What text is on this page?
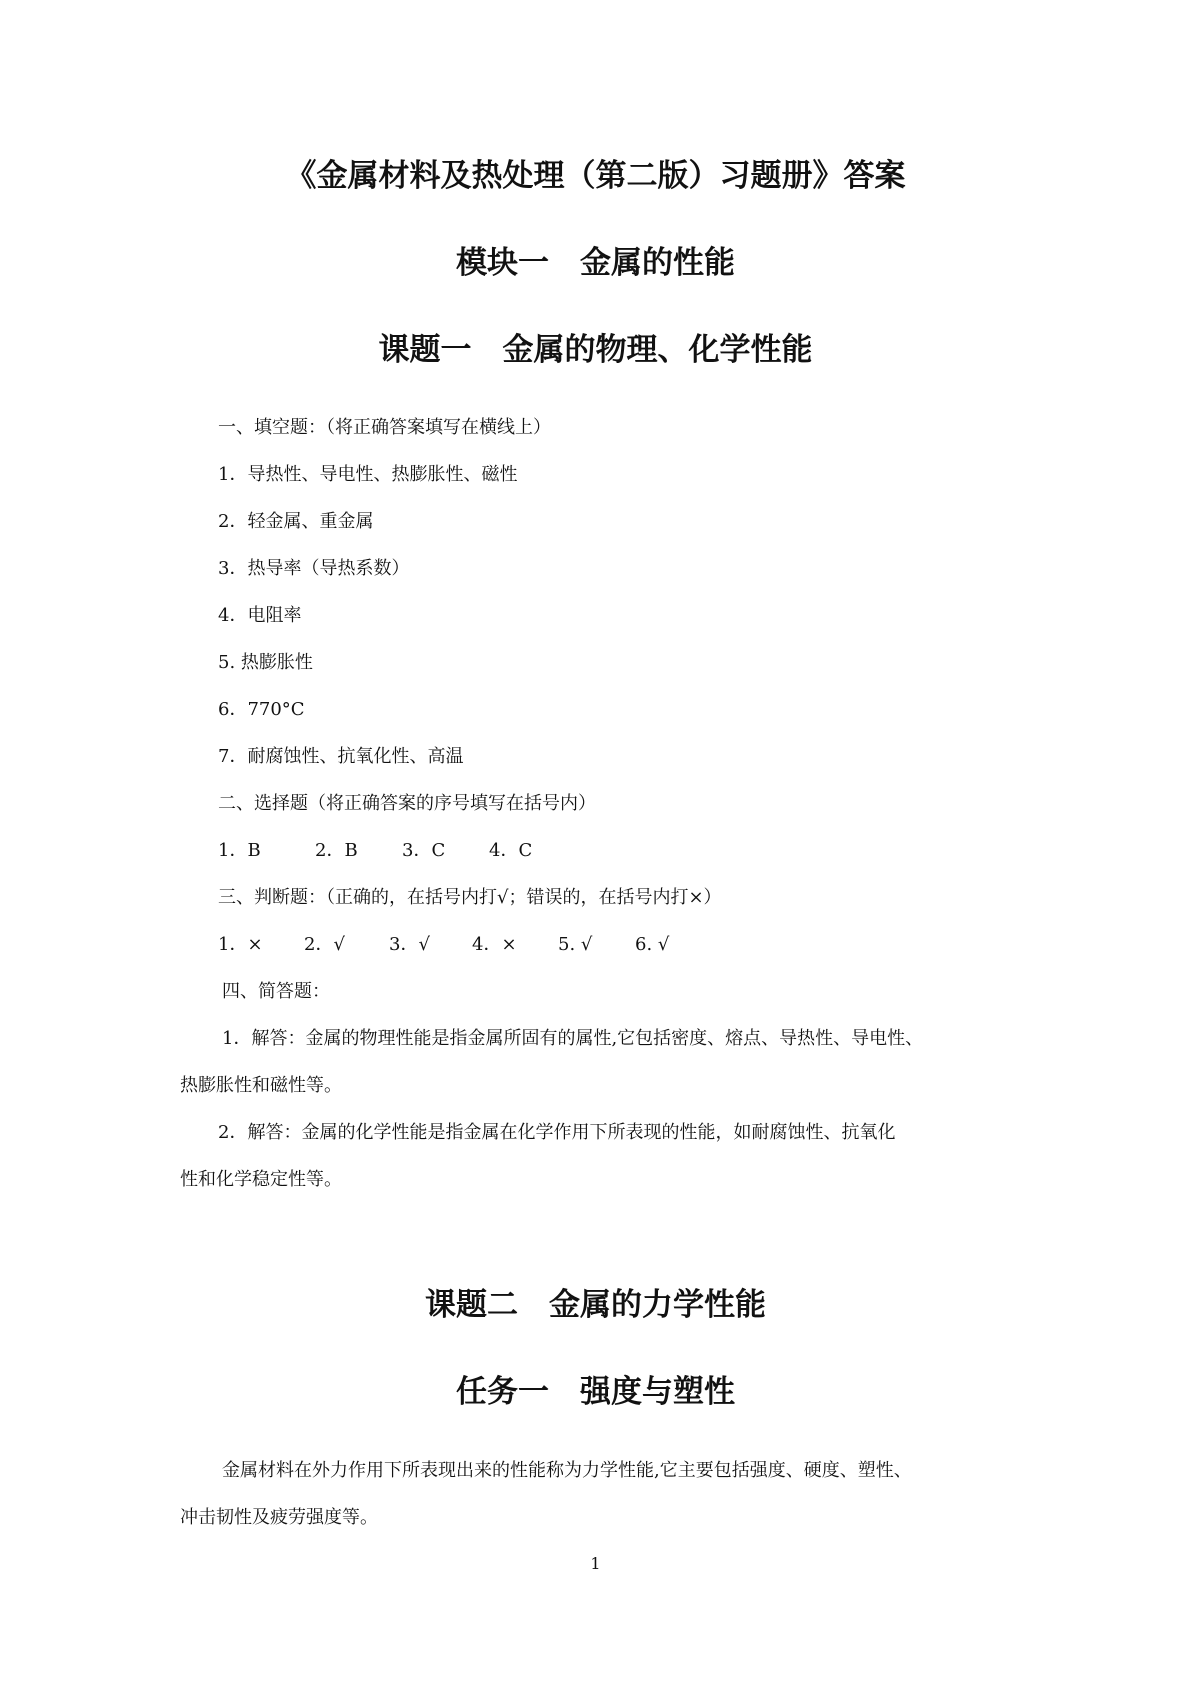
《金属材料及热处理（第二版）习题册》答案
模块一　金属的性能
课题一　金属的物理、化学性能
一、填空题：（将正确答案填写在横线上）
1．导热性、导电性、热膨胀性、磁性
2．轻金属、重金属
3．热导率（导热系数）
4．电阻率
5. 热膨胀性
6．770°C
7．耐腐蚀性、抗氧化性、高温
二、选择题（将正确答案的序号填写在括号内）
1．B	2．B 3．C 4．C
三、判断题：（正确的，在括号内打√；错误的，在括号内打×）
1．× 2．√ 3．√ 4．× 5. √ 6. √
四、简答题：
1．解答：金属的物理性能是指金属所固有的属性,它包括密度、熔点、导热性、导电性、
热膨胀性和磁性等。
2．解答：金属的化学性能是指金属在化学作用下所表现的性能，如耐腐蚀性、抗氧化
性和化学稳定性等。
课题二　金属的力学性能
任务一　强度与塑性
金属材料在外力作用下所表现出来的性能称为力学性能,它主要包括强度、硬度、塑性、
冲击韧性及疲劳强度等。
1
